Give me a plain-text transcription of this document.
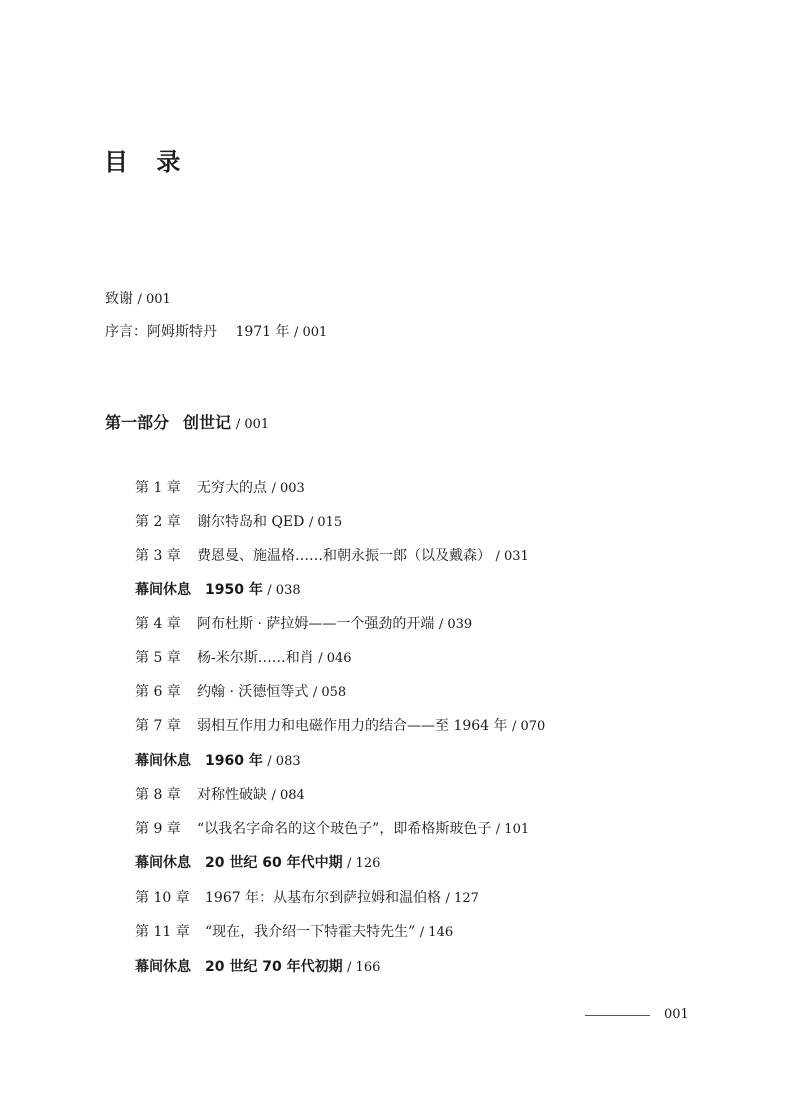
目 录
致谢 / 001
序言：阿姆斯特丹 1971 年 / 001
第一部分 创世记 / 001
第 1 章 无穷大的点 / 003
第 2 章 谢尔特岛和 QED / 015
第 3 章 费恩曼、施温格……和朝永振一郎（以及戴森） / 031
幕间休息 1950 年 / 038
第 4 章 阿布杜斯 · 萨拉姆——一个强劲的开端 / 039
第 5 章 杨-米尔斯……和肖 / 046
第 6 章 约翰 · 沃德恒等式 / 058
第 7 章 弱相互作用力和电磁作用力的结合——至 1964 年 / 070
幕间休息 1960 年 / 083
第 8 章 对称性破缺 / 084
第 9 章 “以我名字命名的这个玻色子”，即希格斯玻色子 / 101
幕间休息 20 世纪 60 年代中期 / 126
第 10 章 1967 年：从基布尔到萨拉姆和温伯格 / 127
第 11 章 “现在，我介绍一下特霍夫特先生” / 146
幕间休息 20 世纪 70 年代初期 / 166
001
